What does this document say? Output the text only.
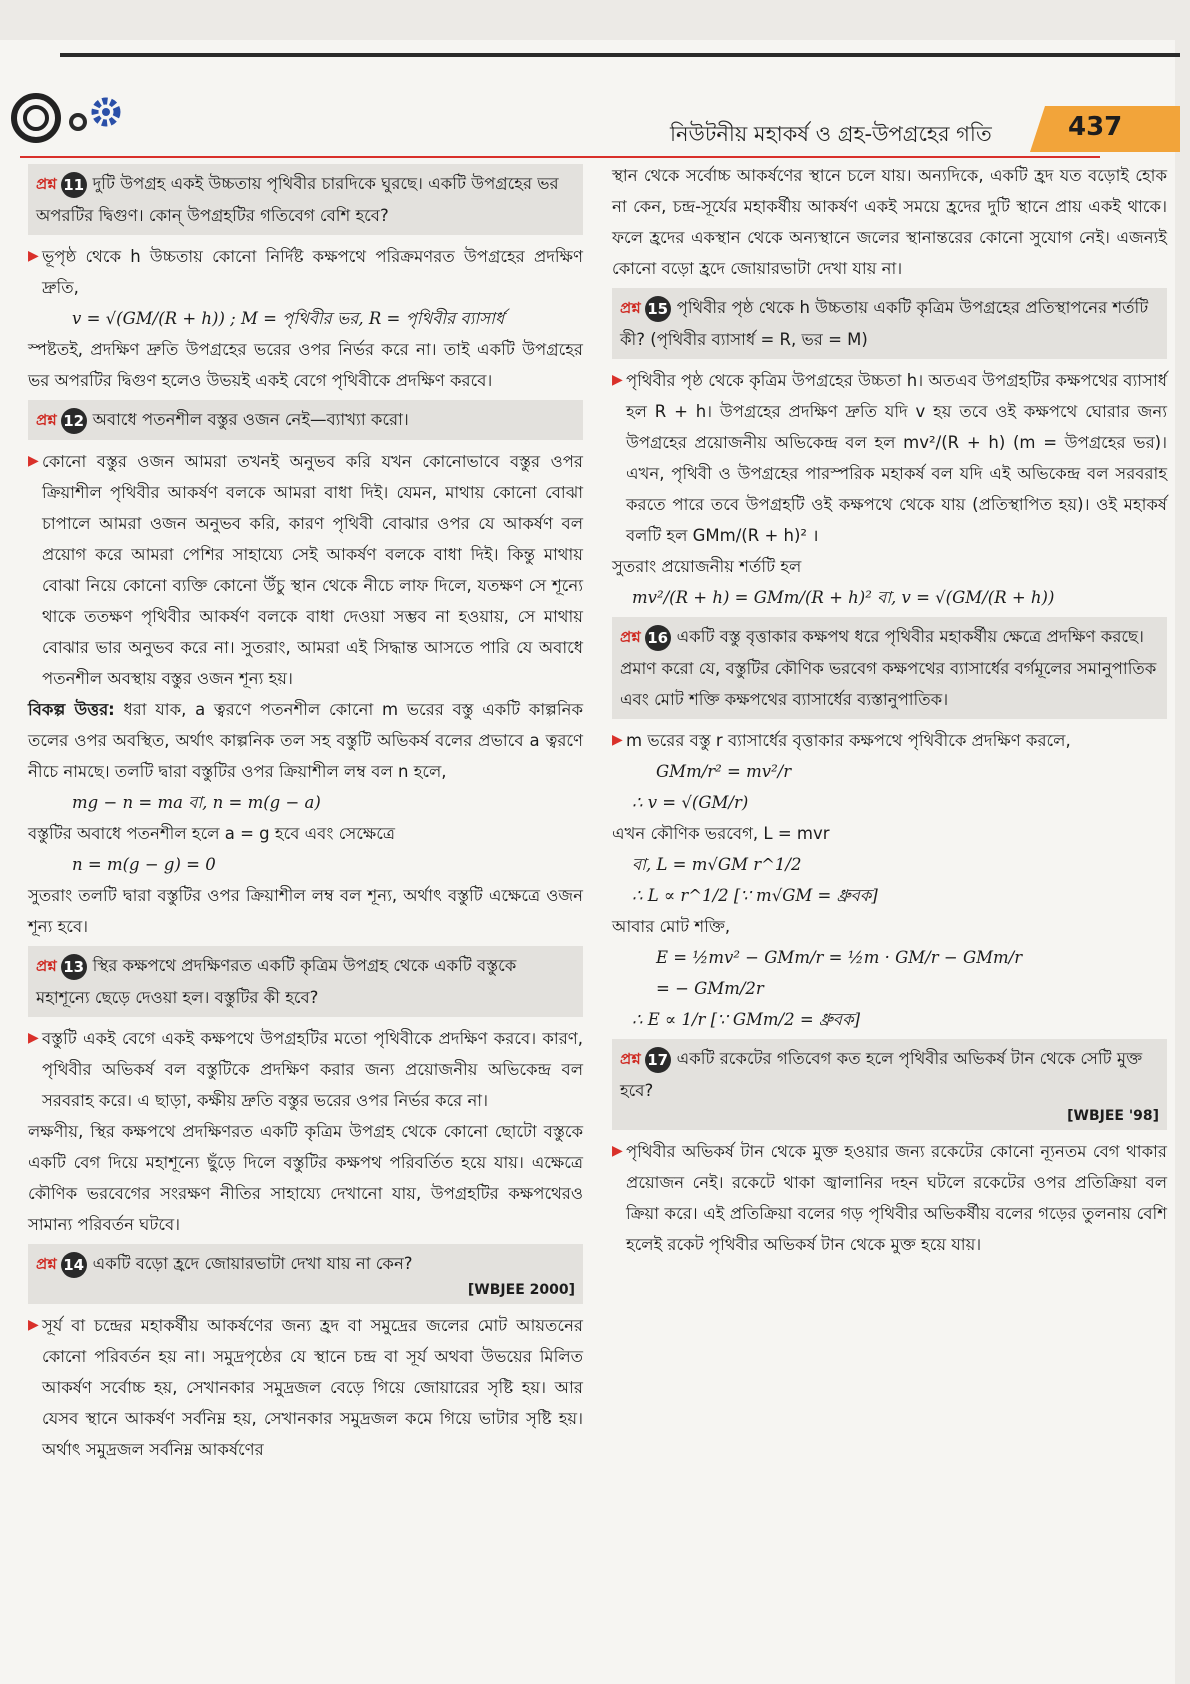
নিউটনীয় মহাকর্ষ ও গ্রহ-উপগ্রহের গতি	437
প্রশ্ন 11 দুটি উপগ্রহ একই উচ্চতায় পৃথিবীর চারদিকে ঘুরছে। একটি উপগ্রহের ভর অপরটির দ্বিগুণ। কোন্‌ উপগ্রহটির গতিবেগ বেশি হবে?

▶ ভূপৃষ্ঠ থেকে h উচ্চতায় কোনো নির্দিষ্ট কক্ষপথে পরিক্রমণরত উপগ্রহের প্রদক্ষিণ দ্রুতি,

v = √(GM/(R + h)) ; M = পৃথিবীর ভর, R = পৃথিবীর ব্যাসার্ধ

স্পষ্টতই, প্রদক্ষিণ দ্রুতি উপগ্রহের ভরের ওপর নির্ভর করে না। তাই একটি উপগ্রহের ভর অপরটির দ্বিগুণ হলেও উভয়ই একই বেগে পৃথিবীকে প্রদক্ষিণ করবে।

প্রশ্ন 12 অবাধে পতনশীল বস্তুর ওজন নেই—ব্যাখ্যা করো।

▶ কোনো বস্তুর ওজন আমরা তখনই অনুভব করি যখন কোনোভাবে বস্তুর ওপর ক্রিয়াশীল পৃথিবীর আকর্ষণ বলকে আমরা বাধা দিই। যেমন, মাথায় কোনো বোঝা চাপালে আমরা ওজন অনুভব করি, কারণ পৃথিবী বোঝার ওপর যে আকর্ষণ বল প্রয়োগ করে আমরা পেশির সাহায্যে সেই আকর্ষণ বলকে বাধা দিই। কিন্তু মাথায় বোঝা নিয়ে কোনো ব্যক্তি কোনো উঁচু স্থান থেকে নীচে লাফ দিলে, যতক্ষণ সে শূন্যে থাকে ততক্ষণ পৃথিবীর আকর্ষণ বলকে বাধা দেওয়া সম্ভব না হওয়ায়, সে মাথায় বোঝার ভার অনুভব করে না। সুতরাং, আমরা এই সিদ্ধান্ত আসতে পারি যে অবাধে পতনশীল অবস্থায় বস্তুর ওজন শূন্য হয়।

বিকল্প উত্তর: ধরা যাক, a ত্বরণে পতনশীল কোনো m ভরের বস্তু একটি কাল্পনিক তলের ওপর অবস্থিত, অর্থাৎ কাল্পনিক তল সহ বস্তুটি অভিকর্ষ বলের প্রভাবে a ত্বরণে নীচে নামছে। তলটি দ্বারা বস্তুটির ওপর ক্রিয়াশীল লম্ব বল n হলে,

mg − n = ma বা, n = m(g − a)

বস্তুটির অবাধে পতনশীল হলে a = g হবে এবং সেক্ষেত্রে

n = m(g − g) = 0

সুতরাং তলটি দ্বারা বস্তুটির ওপর ক্রিয়াশীল লম্ব বল শূন্য, অর্থাৎ বস্তুটি এক্ষেত্রে ওজন শূন্য হবে।

প্রশ্ন 13 স্থির কক্ষপথে প্রদক্ষিণরত একটি কৃত্রিম উপগ্রহ থেকে একটি বস্তুকে মহাশূন্যে ছেড়ে দেওয়া হল। বস্তুটির কী হবে?

▶ বস্তুটি একই বেগে একই কক্ষপথে উপগ্রহটির মতো পৃথিবীকে প্রদক্ষিণ করবে। কারণ, পৃথিবীর অভিকর্ষ বল বস্তুটিকে প্রদক্ষিণ করার জন্য প্রয়োজনীয় অভিকেন্দ্র বল সরবরাহ করে। এ ছাড়া, কক্ষীয় দ্রুতি বস্তুর ভরের ওপর নির্ভর করে না।

লক্ষণীয়, স্থির কক্ষপথে প্রদক্ষিণরত একটি কৃত্রিম উপগ্রহ থেকে কোনো ছোটো বস্তুকে একটি বেগ দিয়ে মহাশূন্যে ছুঁড়ে দিলে বস্তুটির কক্ষপথ পরিবর্তিত হয়ে যায়। এক্ষেত্রে কৌণিক ভরবেগের সংরক্ষণ নীতির সাহায্যে দেখানো যায়, উপগ্রহটির কক্ষপথেরও সামান্য পরিবর্তন ঘটবে।

প্রশ্ন 14 একটি বড়ো হ্রদে জোয়ারভাটা দেখা যায় না কেন?
[WBJEE 2000]

▶ সূর্য বা চন্দ্রের মহাকর্ষীয় আকর্ষণের জন্য হ্রদ বা সমুদ্রের জলের মোট আয়তনের কোনো পরিবর্তন হয় না। সমুদ্রপৃষ্ঠের যে স্থানে চন্দ্র বা সূর্য অথবা উভয়ের মিলিত আকর্ষণ সর্বোচ্চ হয়, সেখানকার সমুদ্রজল বেড়ে গিয়ে জোয়ারের সৃষ্টি হয়। আর যেসব স্থানে আকর্ষণ সর্বনিম্ন হয়, সেখানকার সমুদ্রজল কমে গিয়ে ভাটার সৃষ্টি হয়। অর্থাৎ সমুদ্রজল সর্বনিম্ন আকর্ষণের

স্থান থেকে সর্বোচ্চ আকর্ষণের স্থানে চলে যায়। অন্যদিকে, একটি হ্রদ যত বড়োই হোক না কেন, চন্দ্র-সূর্যের মহাকর্ষীয় আকর্ষণ একই সময়ে হ্রদের দুটি স্থানে প্রায় একই থাকে। ফলে হ্রদের একস্থান থেকে অন্যস্থানে জলের স্থানান্তরের কোনো সুযোগ নেই। এজন্যই কোনো বড়ো হ্রদে জোয়ারভাটা দেখা যায় না।

প্রশ্ন 15 পৃথিবীর পৃষ্ঠ থেকে h উচ্চতায় একটি কৃত্রিম উপগ্রহের প্রতিস্থাপনের শর্তটি কী? (পৃথিবীর ব্যাসার্ধ = R, ভর = M)

▶ পৃথিবীর পৃষ্ঠ থেকে কৃত্রিম উপগ্রহের উচ্চতা h। অতএব উপগ্রহটির কক্ষপথের ব্যাসার্ধ হল R + h। উপগ্রহের প্রদক্ষিণ দ্রুতি যদি v হয় তবে ওই কক্ষপথে ঘোরার জন্য উপগ্রহের প্রয়োজনীয় অভিকেন্দ্র বল হল mv²/(R + h) (m = উপগ্রহের ভর)। এখন, পৃথিবী ও উপগ্রহের পারস্পরিক মহাকর্ষ বল যদি এই অভিকেন্দ্র বল সরবরাহ করতে পারে তবে উপগ্রহটি ওই কক্ষপথে থেকে যায় (প্রতিস্থাপিত হয়)। ওই মহাকর্ষ বলটি হল GMm/(R + h)² ।

সুতরাং প্রয়োজনীয় শর্তটি হল

mv²/(R + h) = GMm/(R + h)² বা, v = √(GM/(R + h))

প্রশ্ন 16 একটি বস্তু বৃত্তাকার কক্ষপথ ধরে পৃথিবীর মহাকর্ষীয় ক্ষেত্রে প্রদক্ষিণ করছে। প্রমাণ করো যে, বস্তুটির কৌণিক ভরবেগ কক্ষপথের ব্যাসার্ধের বর্গমূলের সমানুপাতিক এবং মোট শক্তি কক্ষপথের ব্যাসার্ধের ব্যস্তানুপাতিক।

▶ m ভরের বস্তু r ব্যাসার্ধের বৃত্তাকার কক্ষপথে পৃথিবীকে প্রদক্ষিণ করলে,

GMm/r² = mv²/r

∴ v = √(GM/r)

এখন কৌণিক ভরবেগ, L = mvr

বা, L = m√GM r^1/2

∴ L ∝ r^1/2 [∵ m√GM = ধ্রুবক]

আবার মোট শক্তি,

E = ½mv² − GMm/r = ½m · GM/r − GMm/r

= − GMm/2r

∴ E ∝ 1/r [∵ GMm/2 = ধ্রুবক]

প্রশ্ন 17 একটি রকেটের গতিবেগ কত হলে পৃথিবীর অভিকর্ষ টান থেকে সেটি মুক্ত হবে?
[WBJEE '98]

▶ পৃথিবীর অভিকর্ষ টান থেকে মুক্ত হওয়ার জন্য রকেটের কোনো ন্যূনতম বেগ থাকার প্রয়োজন নেই। রকেটে থাকা জ্বালানির দহন ঘটলে রকেটের ওপর প্রতিক্রিয়া বল ক্রিয়া করে। এই প্রতিক্রিয়া বলের গড় পৃথিবীর অভিকর্ষীয় বলের গড়ের তুলনায় বেশি হলেই রকেট পৃথিবীর অভিকর্ষ টান থেকে মুক্ত হয়ে যায়।
